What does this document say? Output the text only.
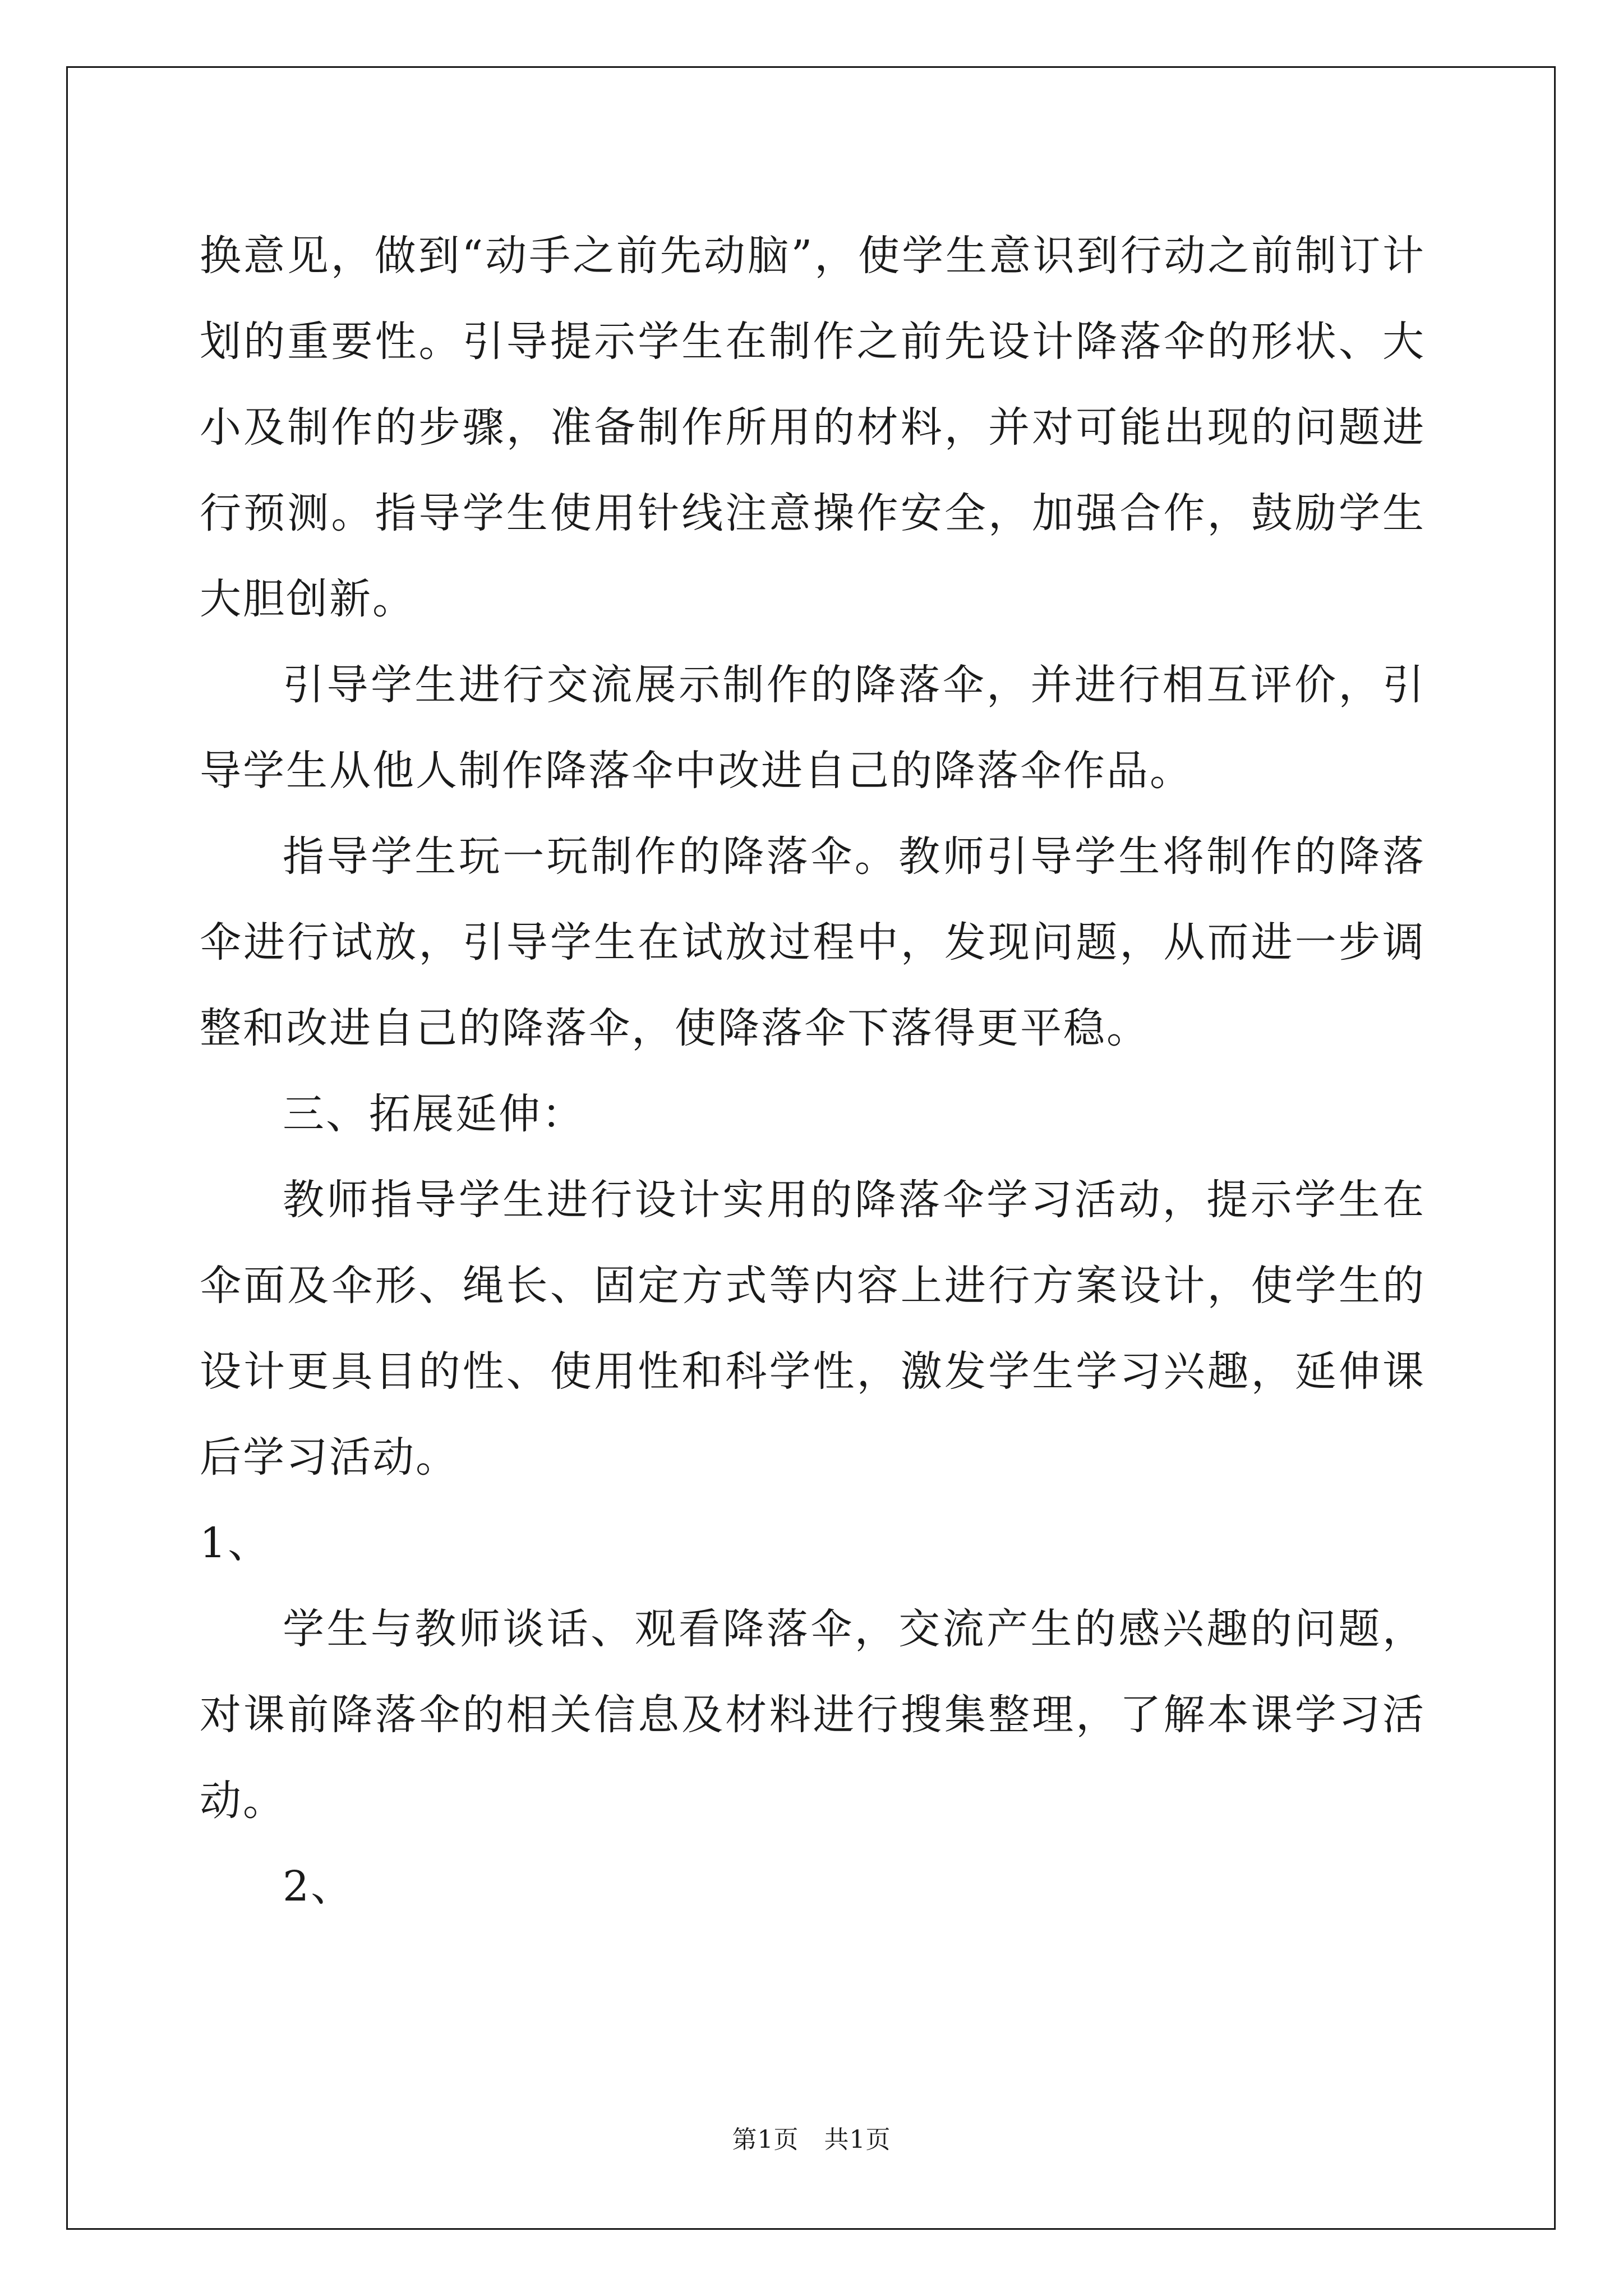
换意见，做到“动手之前先动脑”，使学生意识到行动之前制订计划的重要性。引导提示学生在制作之前先设计降落伞的形状、大小及制作的步骤，准备制作所用的材料，并对可能出现的问题进行预测。指导学生使用针线注意操作安全，加强合作，鼓励学生大胆创新。

引导学生进行交流展示制作的降落伞，并进行相互评价，引导学生从他人制作降落伞中改进自己的降落伞作品。

指导学生玩一玩制作的降落伞。教师引导学生将制作的降落伞进行试放，引导学生在试放过程中，发现问题，从而进一步调整和改进自己的降落伞，使降落伞下落得更平稳。

三、拓展延伸：

教师指导学生进行设计实用的降落伞学习活动，提示学生在伞面及伞形、绳长、固定方式等内容上进行方案设计，使学生的设计更具目的性、使用性和科学性，激发学生学习兴趣，延伸课后学习活动。

1、

学生与教师谈话、观看降落伞，交流产生的感兴趣的问题，对课前降落伞的相关信息及材料进行搜集整理，了解本课学习活动。

2、

第1页　共1页
